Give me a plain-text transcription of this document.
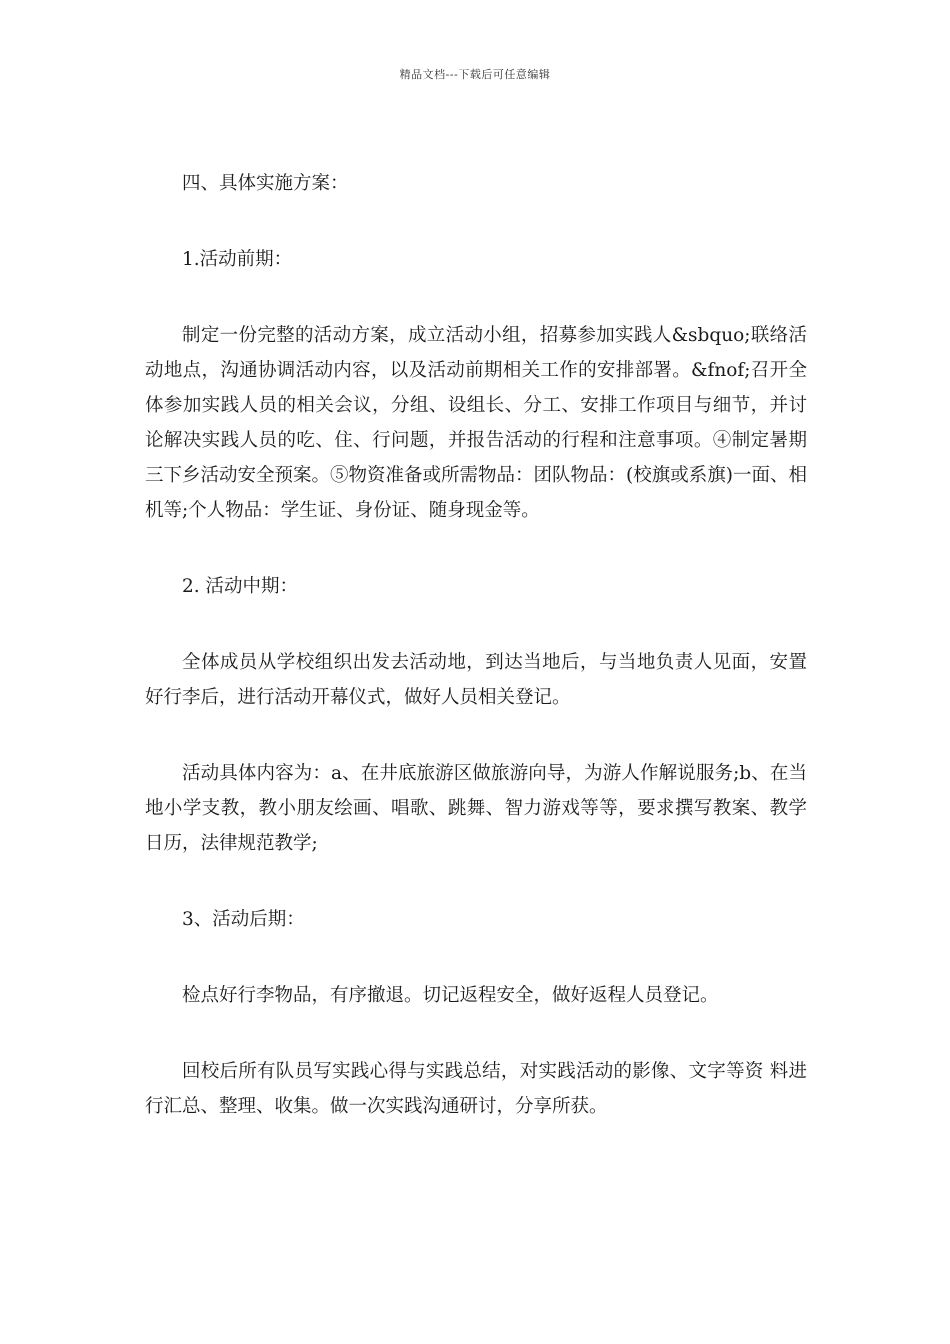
精品文档---下载后可任意编辑

四、具体实施方案：

1.活动前期：

制定一份完整的活动方案，成立活动小组，招募参加实践人&sbquo;联络活动地点，沟通协调活动内容，以及活动前期相关工作的安排部署。&fnof;召开全体参加实践人员的相关会议，分组、设组长、分工、安排工作项目与细节，并讨论解决实践人员的吃、住、行问题，并报告活动的行程和注意事项。④制定暑期三下乡活动安全预案。⑤物资准备或所需物品：团队物品：(校旗或系旗)一面、相机等;个人物品：学生证、身份证、随身现金等。

2. 活动中期：

全体成员从学校组织出发去活动地，到达当地后，与当地负责人见面，安置好行李后，进行活动开幕仪式，做好人员相关登记。

活动具体内容为：a、在井底旅游区做旅游向导，为游人作解说服务;b、在当地小学支教，教小朋友绘画、唱歌、跳舞、智力游戏等等，要求撰写教案、教学日历，法律规范教学;

3、活动后期：

检点好行李物品，有序撤退。切记返程安全，做好返程人员登记。

回校后所有队员写实践心得与实践总结，对实践活动的影像、文字等资 料进行汇总、整理、收集。做一次实践沟通研讨，分享所获。
